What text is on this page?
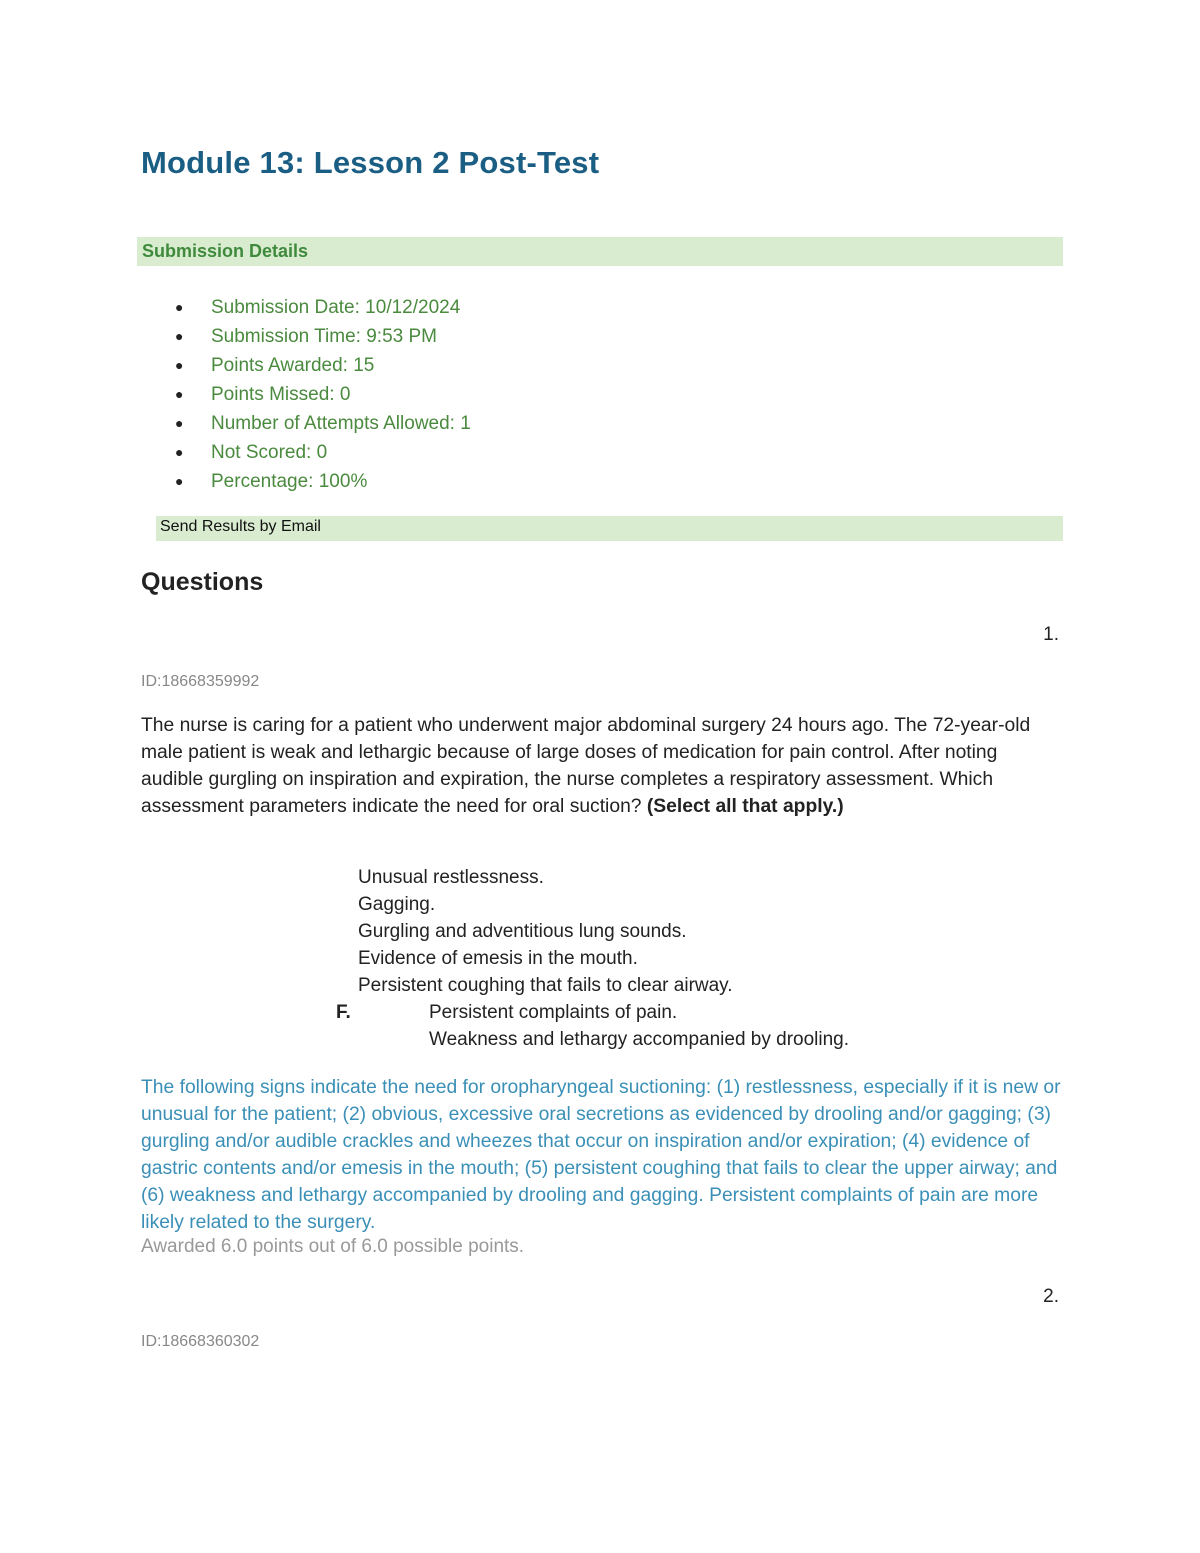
Module 13: Lesson 2 Post-Test
Submission Details
● Submission Date: 10/12/2024
● Submission Time: 9:53 PM
● Points Awarded: 15
● Points Missed: 0
● Number of Attempts Allowed: 1
● Not Scored: 0
● Percentage: 100%
Send Results by Email
Questions
1.
ID:18668359992

The nurse is caring for a patient who underwent major abdominal surgery 24 hours ago. The 72-year-old male patient is weak and lethargic because of large doses of medication for pain control. After noting audible gurgling on inspiration and expiration, the nurse completes a respiratory assessment. Which assessment parameters indicate the need for oral suction? (Select all that apply.)

Unusual restlessness.
Gagging.
Gurgling and adventitious lung sounds.
Evidence of emesis in the mouth.
Persistent coughing that fails to clear airway.
F.	Persistent complaints of pain.
Weakness and lethargy accompanied by drooling.

The following signs indicate the need for oropharyngeal suctioning: (1) restlessness, especially if it is new or unusual for the patient; (2) obvious, excessive oral secretions as evidenced by drooling and/or gagging; (3) gurgling and/or audible crackles and wheezes that occur on inspiration and/or expiration; (4) evidence of gastric contents and/or emesis in the mouth; (5) persistent coughing that fails to clear the upper airway; and (6) weakness and lethargy accompanied by drooling and gagging. Persistent complaints of pain are more likely related to the surgery.

Awarded 6.0 points out of 6.0 possible points.
2.
ID:18668360302
